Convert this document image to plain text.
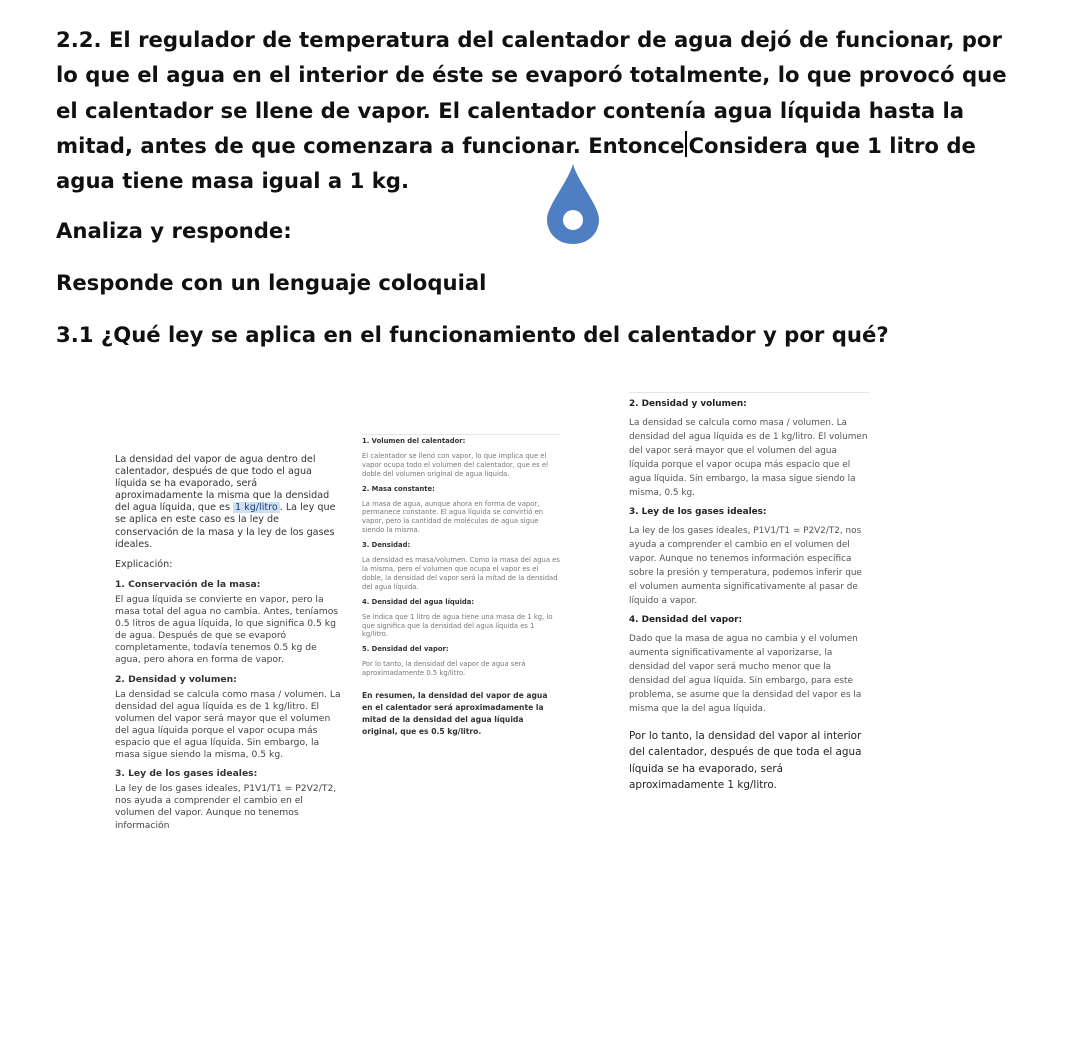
2.2. El regulador de temperatura del calentador de agua dejó de funcionar, por lo que el agua en el interior de éste se evaporó totalmente, lo que provocó que el calentador se llene de vapor. El calentador contenía agua líquida hasta la mitad, antes de que comenzara a funcionar. Entonce Considera que 1 litro de agua tiene masa igual a 1 kg.

Analiza y responde:

Responde con un lenguaje coloquial

3.1 ¿Qué ley se aplica en el funcionamiento del calentador y por qué?

La densidad del vapor de agua dentro del calentador, después de que todo el agua líquida se ha evaporado, será aproximadamente la misma que la densidad del agua líquida, que es 1 kg/litro . La ley que se aplica en este caso es la ley de conservación de la masa y la ley de los gases ideales.

Explicación:

1. Conservación de la masa:

El agua líquida se convierte en vapor, pero la masa total del agua no cambia. Antes, teníamos 0.5 litros de agua líquida, lo que significa 0.5 kg de agua. Después de que se evaporó completamente, todavía tenemos 0.5 kg de agua, pero ahora en forma de vapor.

2. Densidad y volumen:

La densidad se calcula como masa / volumen. La densidad del agua líquida es de 1 kg/litro. El volumen del vapor será mayor que el volumen del agua líquida porque el vapor ocupa más espacio que el agua líquida. Sin embargo, la masa sigue siendo la misma, 0.5 kg.

3. Ley de los gases ideales:

La ley de los gases ideales, P1V1/T1 = P2V2/T2, nos ayuda a comprender el cambio en el volumen del vapor. Aunque no tenemos información

1. Volumen del calentador:

El calentador se llenó con vapor, lo que implica que el vapor ocupa todo el volumen del calentador, que es el doble del volumen original de agua líquida.

2. Masa constante:

La masa de agua, aunque ahora en forma de vapor, permanece constante. El agua líquida se convirtió en vapor, pero la cantidad de moléculas de agua sigue siendo la misma.

3. Densidad:

La densidad es masa/volumen. Como la masa del agua es la misma, pero el volumen que ocupa el vapor es el doble, la densidad del vapor será la mitad de la densidad del agua líquida.

4. Densidad del agua líquida:

Se indica que 1 litro de agua tiene una masa de 1 kg, lo que significa que la densidad del agua líquida es 1 kg/litro.

5. Densidad del vapor:

Por lo tanto, la densidad del vapor de agua será aproximadamente 0.5 kg/litro.

En resumen, la densidad del vapor de agua en el calentador será aproximadamente la mitad de la densidad del agua líquida original, que es 0.5 kg/litro.

2. Densidad y volumen:

La densidad se calcula como masa / volumen. La densidad del agua líquida es de 1 kg/litro. El volumen del vapor será mayor que el volumen del agua líquida porque el vapor ocupa más espacio que el agua líquida. Sin embargo, la masa sigue siendo la misma, 0.5 kg.

3. Ley de los gases ideales:

La ley de los gases ideales, P1V1/T1 = P2V2/T2, nos ayuda a comprender el cambio en el volumen del vapor. Aunque no tenemos información específica sobre la presión y temperatura, podemos inferir que el volumen aumenta significativamente al pasar de líquido a vapor.

4. Densidad del vapor:

Dado que la masa de agua no cambia y el volumen aumenta significativamente al vaporizarse, la densidad del vapor será mucho menor que la densidad del agua líquida. Sin embargo, para este problema, se asume que la densidad del vapor es la misma que la del agua líquida.

Por lo tanto, la densidad del vapor al interior del calentador, después de que toda el agua líquida se ha evaporado, será aproximadamente 1 kg/litro.
